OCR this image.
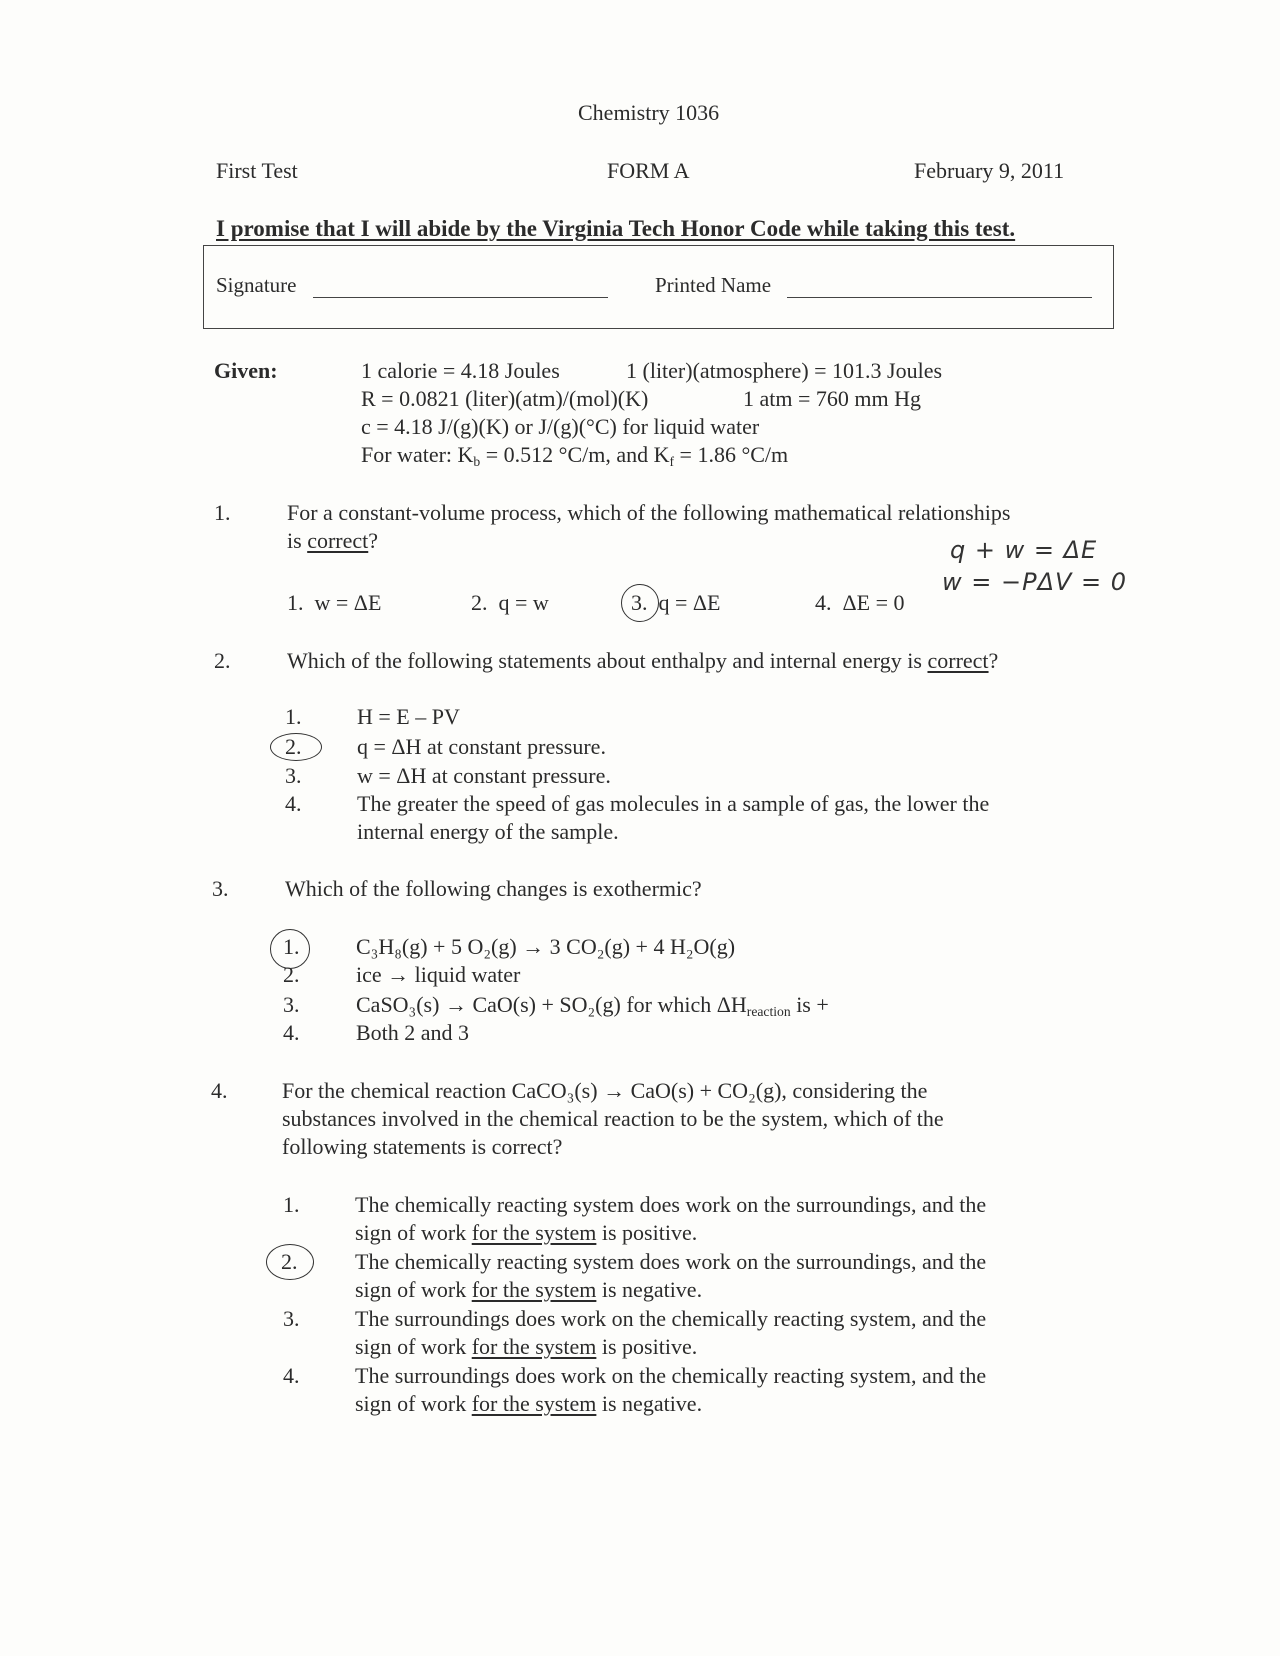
Chemistry 1036
First Test	FORM A	February 9, 2011
I promise that I will abide by the Virginia Tech Honor Code while taking this test.
Signature	Printed Name
Given:	1 calorie = 4.18 Joules	1 (liter)(atmosphere) = 101.3 Joules
R = 0.0821 (liter)(atm)/(mol)(K)	1 atm = 760 mm Hg
c = 4.18 J/(g)(K) or J/(g)(°C) for liquid water
For water: $K_b = 0.512$ °C/m, and $K_f = 1.86$ °C/m
1.	For a constant-volume process, which of the following mathematical relationships
is correct?	q + w = ΔE
w = −PΔV = 0
1. w = ΔE	2. q = w	3. q = ΔE	4. ΔE = 0
2.	Which of the following statements about enthalpy and internal energy is correct?
1.	H = E – PV
2.	q = ΔH at constant pressure.
3.	w = ΔH at constant pressure.
4.	The greater the speed of gas molecules in a sample of gas, the lower the
internal energy of the sample.
3.	Which of the following changes is exothermic?
1.	C₃H₈(g) + 5 O₂(g) → 3 CO₂(g) + 4 H₂O(g)
2.	ice → liquid water
3.	CaSO₃(s) → CaO(s) + SO₂(g) for which $\Delta H_{reaction}$ is +
4.	Both 2 and 3
4. For the chemical reaction CaCO₃(s) → CaO(s) + CO₂(g), considering the
substances involved in the chemical reaction to be the system, which of the
following statements is correct?
1.	The chemically reacting system does work on the surroundings, and the
sign of work for the system is positive.
2.	The chemically reacting system does work on the surroundings, and the
sign of work for the system is negative.
3.	The surroundings does work on the chemically reacting system, and the
sign of work for the system is positive.
4.	The surroundings does work on the chemically reacting system, and the
sign of work for the system is negative.
